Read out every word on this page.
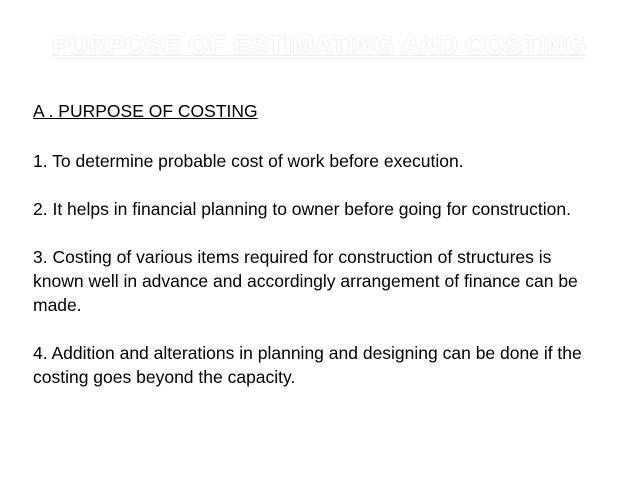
PURPOSE OF ESTIMATING AND COSTING
A . PURPOSE OF COSTING
1. To determine probable cost of work before execution.
2. It helps in financial planning to owner before going for construction.
3. Costing of various items required for construction of structures is known well in advance and accordingly arrangement of finance can be made.
4. Addition and alterations in planning and designing can be done if the costing goes beyond the capacity.
